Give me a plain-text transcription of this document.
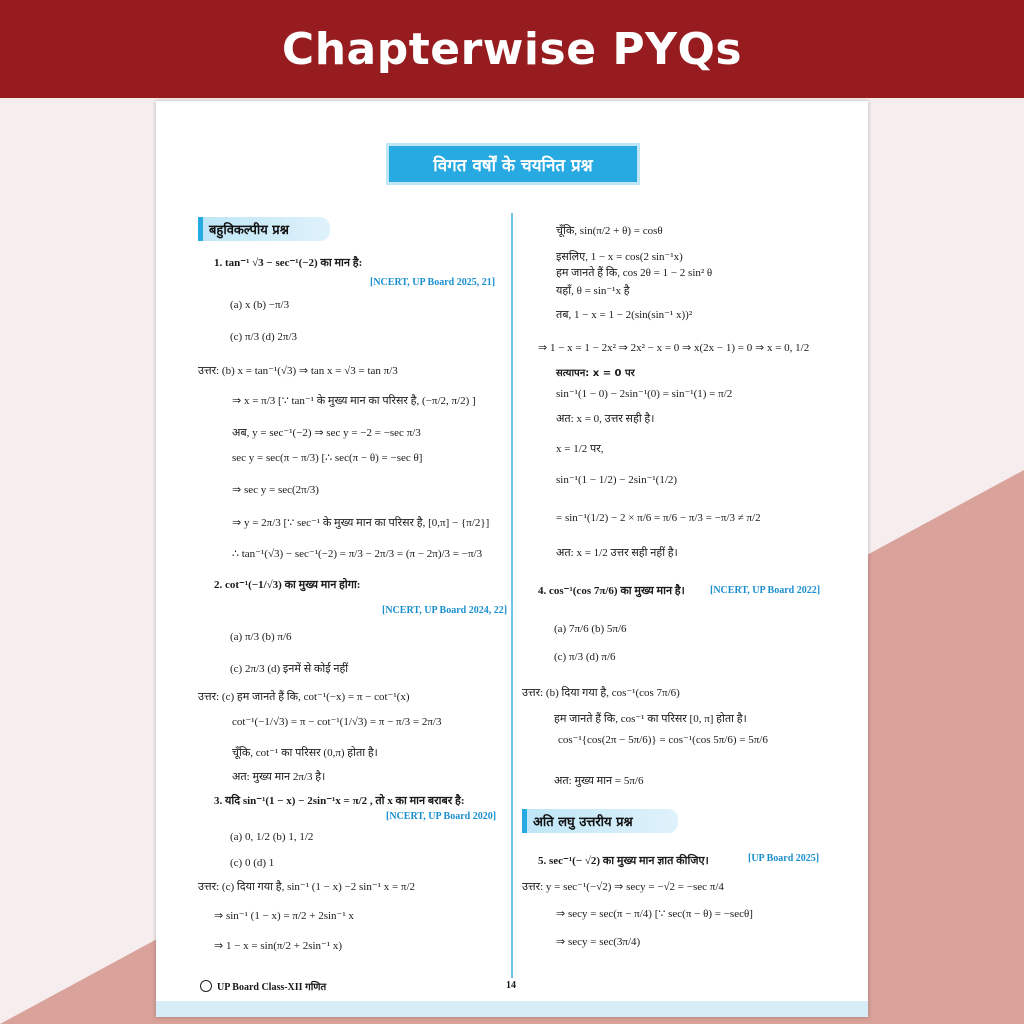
Chapterwise PYQs
विगत वर्षों के चयनित प्रश्न
बहुविकल्पीय प्रश्न
अति लघु उत्तरीय प्रश्न
1. tan⁻¹ √3 − sec⁻¹(−2) का मान है:
[NCERT, UP Board 2025, 21]
(a) x (b) −π/3
(c) π/3 (d) 2π/3
उत्तर: (b) x = tan⁻¹(√3) ⇒ tan x = √3 = tan π/3
⇒ x = π/3 [∵ tan⁻¹ के मुख्य मान का परिसर है, (−π/2, π/2) ]
अब, y = sec⁻¹(−2) ⇒ sec y = −2 = −sec π/3
sec y = sec(π − π/3) [∴ sec(π − θ) = −sec θ]
⇒ sec y = sec(2π/3)
⇒ y = 2π/3 [∵ sec⁻¹ के मुख्य मान का परिसर है, [0,π] − {π/2}]
∴ tan⁻¹(√3) − sec⁻¹(−2) = π/3 − 2π/3 = (π − 2π)/3 = −π/3
2. cot⁻¹(−1/√3) का मुख्य मान होगा:
[NCERT, UP Board 2024, 22]
(a) π/3 (b) π/6
(c) 2π/3 (d) इनमें से कोई नहीं
उत्तर: (c) हम जानते हैं कि, cot⁻¹(−x) = π − cot⁻¹(x)
cot⁻¹(−1/√3) = π − cot⁻¹(1/√3) = π − π/3 = 2π/3
चूँकि, cot⁻¹ का परिसर (0,π) होता है।
अत: मुख्य मान 2π/3 है।
3. यदि sin⁻¹(1 − x) − 2sin⁻¹x = π/2 , तो x का मान बराबर है:
[NCERT, UP Board 2020]
(a) 0, 1/2 (b) 1, 1/2
(c) 0 (d) 1
उत्तर: (c) दिया गया है, sin⁻¹ (1 − x) −2 sin⁻¹ x = π/2
⇒ sin⁻¹ (1 − x) = π/2 + 2sin⁻¹ x
⇒ 1 − x = sin(π/2 + 2sin⁻¹ x)
चूँकि, sin(π/2 + θ) = cosθ
इसलिए, 1 − x = cos(2 sin⁻¹x)
हम जानते हैं कि, cos 2θ = 1 − 2 sin² θ
यहाँ, θ = sin⁻¹x है
तब, 1 − x = 1 − 2(sin(sin⁻¹ x))²
⇒ 1 − x = 1 − 2x² ⇒ 2x² − x = 0 ⇒ x(2x − 1) = 0 ⇒ x = 0, 1/2
सत्यापन: x = 0 पर
sin⁻¹(1 − 0) − 2sin⁻¹(0) = sin⁻¹(1) = π/2
अत: x = 0, उत्तर सही है।
x = 1/2 पर,
sin⁻¹(1 − 1/2) − 2sin⁻¹(1/2)
= sin⁻¹(1/2) − 2 × π/6 = π/6 − π/3 = −π/3 ≠ π/2
अत: x = 1/2 उत्तर सही नहीं है।
4. cos⁻¹(cos 7π/6) का मुख्य मान है।	[NCERT, UP Board 2022]
(a) 7π/6 (b) 5π/6
(c) π/3 (d) π/6
उत्तर: (b) दिया गया है, cos⁻¹(cos 7π/6)
हम जानते हैं कि, cos⁻¹ का परिसर [0, π] होता है।
cos⁻¹{cos(2π − 5π/6)} = cos⁻¹(cos 5π/6) = 5π/6
अत: मुख्य मान = 5π/6
5. sec⁻¹(− √2) का मुख्य मान ज्ञात कीजिए।	[UP Board 2025]
उत्तर: y = sec⁻¹(−√2) ⇒ secy = −√2 = −sec π/4
⇒ secy = sec(π − π/4) [∵ sec(π − θ) = −secθ]
⇒ secy = sec(3π/4)
UP Board Class-XII गणित	14
